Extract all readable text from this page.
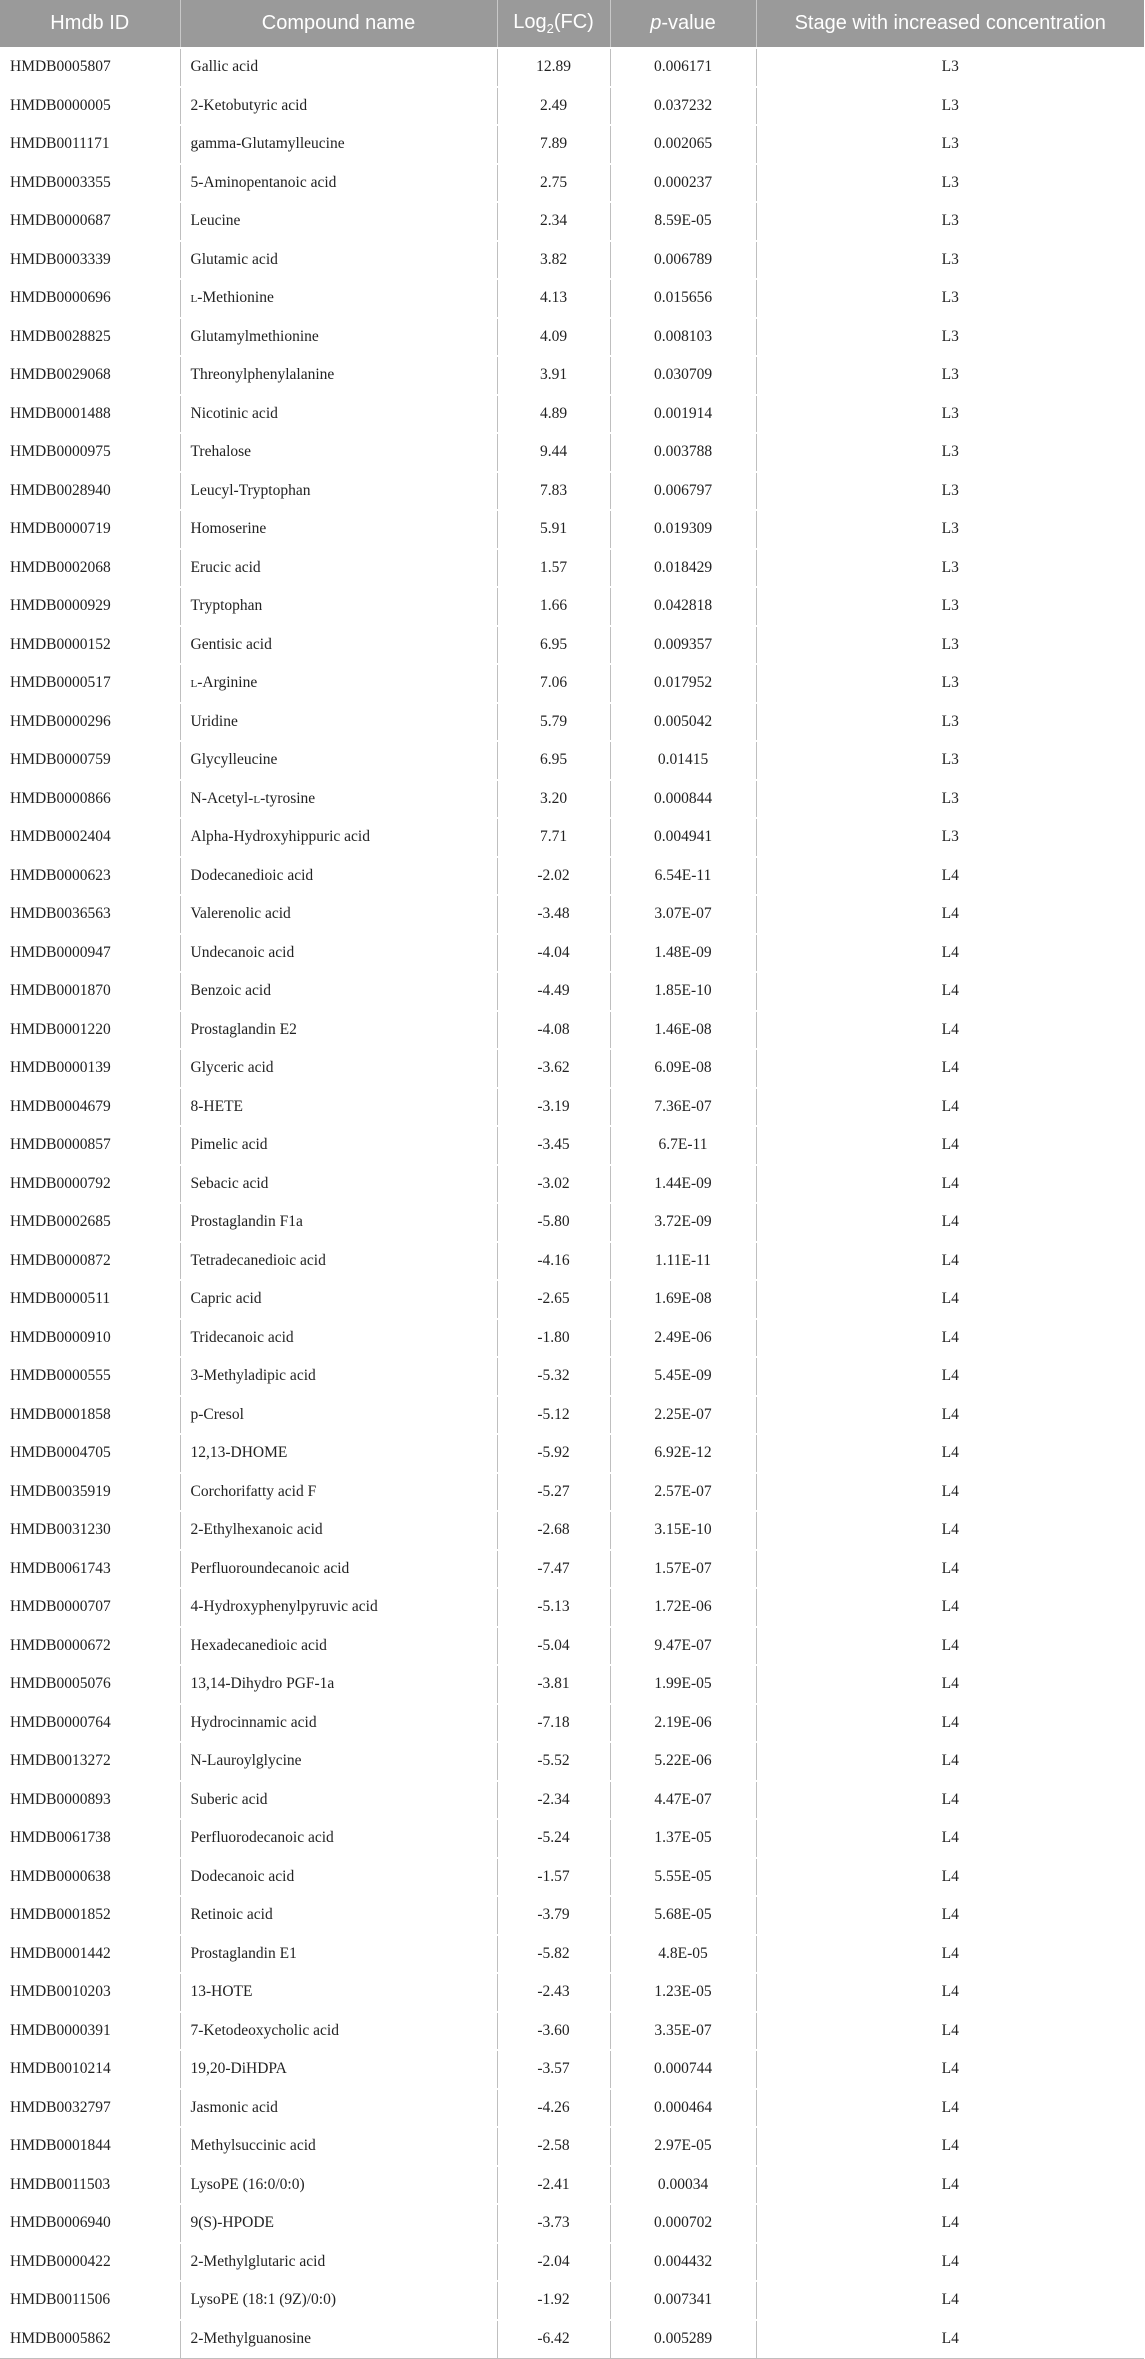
Hmdb ID	Compound name	Log$_2$(FC)	p-value	Stage with increased concentration
HMDB0005807	Gallic acid	12.89	0.006171	L3
HMDB0000005	2-Ketobutyric acid	2.49	0.037232	L3
HMDB0011171	gamma-Glutamylleucine	7.89	0.002065	L3
HMDB0003355	5-Aminopentanoic acid	2.75	0.000237	L3
HMDB0000687	Leucine	2.34	8.59E-05	L3
HMDB0003339	Glutamic acid	3.82	0.006789	L3
HMDB0000696	l-Methionine	4.13	0.015656	L3
HMDB0028825	Glutamylmethionine	4.09	0.008103	L3
HMDB0029068	Threonylphenylalanine	3.91	0.030709	L3
HMDB0001488	Nicotinic acid	4.89	0.001914	L3
HMDB0000975	Trehalose	9.44	0.003788	L3
HMDB0028940	Leucyl-Tryptophan	7.83	0.006797	L3
HMDB0000719	Homoserine	5.91	0.019309	L3
HMDB0002068	Erucic acid	1.57	0.018429	L3
HMDB0000929	Tryptophan	1.66	0.042818	L3
HMDB0000152	Gentisic acid	6.95	0.009357	L3
HMDB0000517	l-Arginine	7.06	0.017952	L3
HMDB0000296	Uridine	5.79	0.005042	L3
HMDB0000759	Glycylleucine	6.95	0.01415	L3
HMDB0000866	N-Acetyl-l-tyrosine	3.20	0.000844	L3
HMDB0002404	Alpha-Hydroxyhippuric acid	7.71	0.004941	L3
HMDB0000623	Dodecanedioic acid	-2.02	6.54E-11	L4
HMDB0036563	Valerenolic acid	-3.48	3.07E-07	L4
HMDB0000947	Undecanoic acid	-4.04	1.48E-09	L4
HMDB0001870	Benzoic acid	-4.49	1.85E-10	L4
HMDB0001220	Prostaglandin E2	-4.08	1.46E-08	L4
HMDB0000139	Glyceric acid	-3.62	6.09E-08	L4
HMDB0004679	8-HETE	-3.19	7.36E-07	L4
HMDB0000857	Pimelic acid	-3.45	6.7E-11	L4
HMDB0000792	Sebacic acid	-3.02	1.44E-09	L4
HMDB0002685	Prostaglandin F1a	-5.80	3.72E-09	L4
HMDB0000872	Tetradecanedioic acid	-4.16	1.11E-11	L4
HMDB0000511	Capric acid	-2.65	1.69E-08	L4
HMDB0000910	Tridecanoic acid	-1.80	2.49E-06	L4
HMDB0000555	3-Methyladipic acid	-5.32	5.45E-09	L4
HMDB0001858	p-Cresol	-5.12	2.25E-07	L4
HMDB0004705	12,13-DHOME	-5.92	6.92E-12	L4
HMDB0035919	Corchorifatty acid F	-5.27	2.57E-07	L4
HMDB0031230	2-Ethylhexanoic acid	-2.68	3.15E-10	L4
HMDB0061743	Perfluoroundecanoic acid	-7.47	1.57E-07	L4
HMDB0000707	4-Hydroxyphenylpyruvic acid	-5.13	1.72E-06	L4
HMDB0000672	Hexadecanedioic acid	-5.04	9.47E-07	L4
HMDB0005076	13,14-Dihydro PGF-1a	-3.81	1.99E-05	L4
HMDB0000764	Hydrocinnamic acid	-7.18	2.19E-06	L4
HMDB0013272	N-Lauroylglycine	-5.52	5.22E-06	L4
HMDB0000893	Suberic acid	-2.34	4.47E-07	L4
HMDB0061738	Perfluorodecanoic acid	-5.24	1.37E-05	L4
HMDB0000638	Dodecanoic acid	-1.57	5.55E-05	L4
HMDB0001852	Retinoic acid	-3.79	5.68E-05	L4
HMDB0001442	Prostaglandin E1	-5.82	4.8E-05	L4
HMDB0010203	13-HOTE	-2.43	1.23E-05	L4
HMDB0000391	7-Ketodeoxycholic acid	-3.60	3.35E-07	L4
HMDB0010214	19,20-DiHDPA	-3.57	0.000744	L4
HMDB0032797	Jasmonic acid	-4.26	0.000464	L4
HMDB0001844	Methylsuccinic acid	-2.58	2.97E-05	L4
HMDB0011503	LysoPE (16:0/0:0)	-2.41	0.00034	L4
HMDB0006940	9(S)-HPODE	-3.73	0.000702	L4
HMDB0000422	2-Methylglutaric acid	-2.04	0.004432	L4
HMDB0011506	LysoPE (18:1 (9Z)/0:0)	-1.92	0.007341	L4
HMDB0005862	2-Methylguanosine	-6.42	0.005289	L4
